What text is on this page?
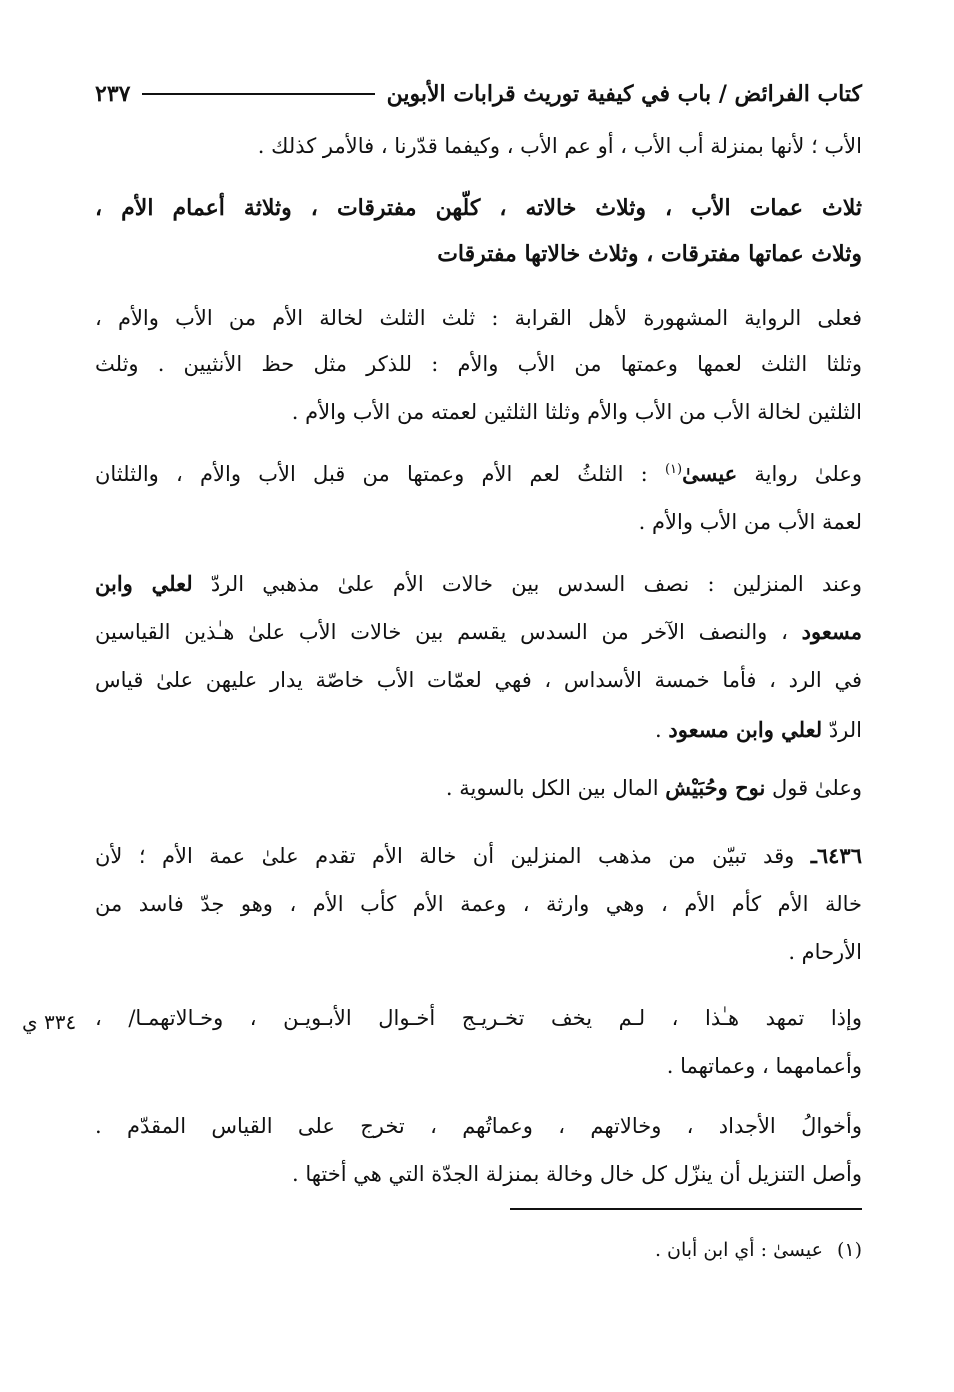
كتاب الفرائض / باب في كيفية توريث قرابات الأبوين
٢٣٧
الأب ؛ لأنها بمنزلة أب الأب ، أو عم الأب ، وكيفما قدّرنا ، فالأمر كذلك .
ثلاث عمات الأب ، وثلاث خالاته ، كلّهن مفترقات ، وثلاثة أعمام الأم ،
وثلاث عماتها مفترقات ، وثلاث خالاتها مفترقات
فعلى الرواية المشهورة لأهل القرابة : ثلث الثلث لخالة الأم من الأب والأم ،
وثلثا الثلث لعمها وعمتها من الأب والأم : للذكر مثل حظ الأنثيين . وثلث
الثلثين لخالة الأب من الأب والأم وثلثا الثلثين لعمته من الأب والأم .
وعلىٰ رواية عيسىٰ$^{(١)}$ : الثلثُ لعم الأم وعمتها من قبل الأب والأم ، والثلثان
لعمة الأب من الأب والأم .
وعند المنزلين : نصف السدس بين خالات الأم علىٰ مذهبي الردّ لعلي وابن
مسعود ، والنصف الآخر من السدس يقسم بين خالات الأب علىٰ هـٰذين القياسين
في الرد ، فأما خمسة الأسداس ، فهي لعمّات الأب خاصّة يدار عليهن علىٰ قياس
الردّ لعلي وابن مسعود .
وعلىٰ قول نوح وحُبَيْش المال بين الكل بالسوية .
٦٤٣٦ـ وقد تبيّن من مذهب المنزلين أن خالة الأم تقدم علىٰ عمة الأم ؛ لأن
خالة الأم كأم الأم ، وهي وارثة ، وعمة الأم كأب الأم ، وهو جدّ فاسد من
الأرحام .
وإذا تمهد هـٰذا ، لـم يخف تخـريـج أخـوال الأبـويـن ، وخـالاتهمـا/ ،
٣٣٤ ي
وأعمامهما ، وعماتهما .
وأخوالُ الأجداد ، وخالاتهم ، وعماتُهم ، تخرج على القياس المقدّم .
وأصل التنزيل أن ينزّل كل خال وخالة بمنزلة الجدّة التي هي أختها .
(١)عيسىٰ : أي ابن أبان .
